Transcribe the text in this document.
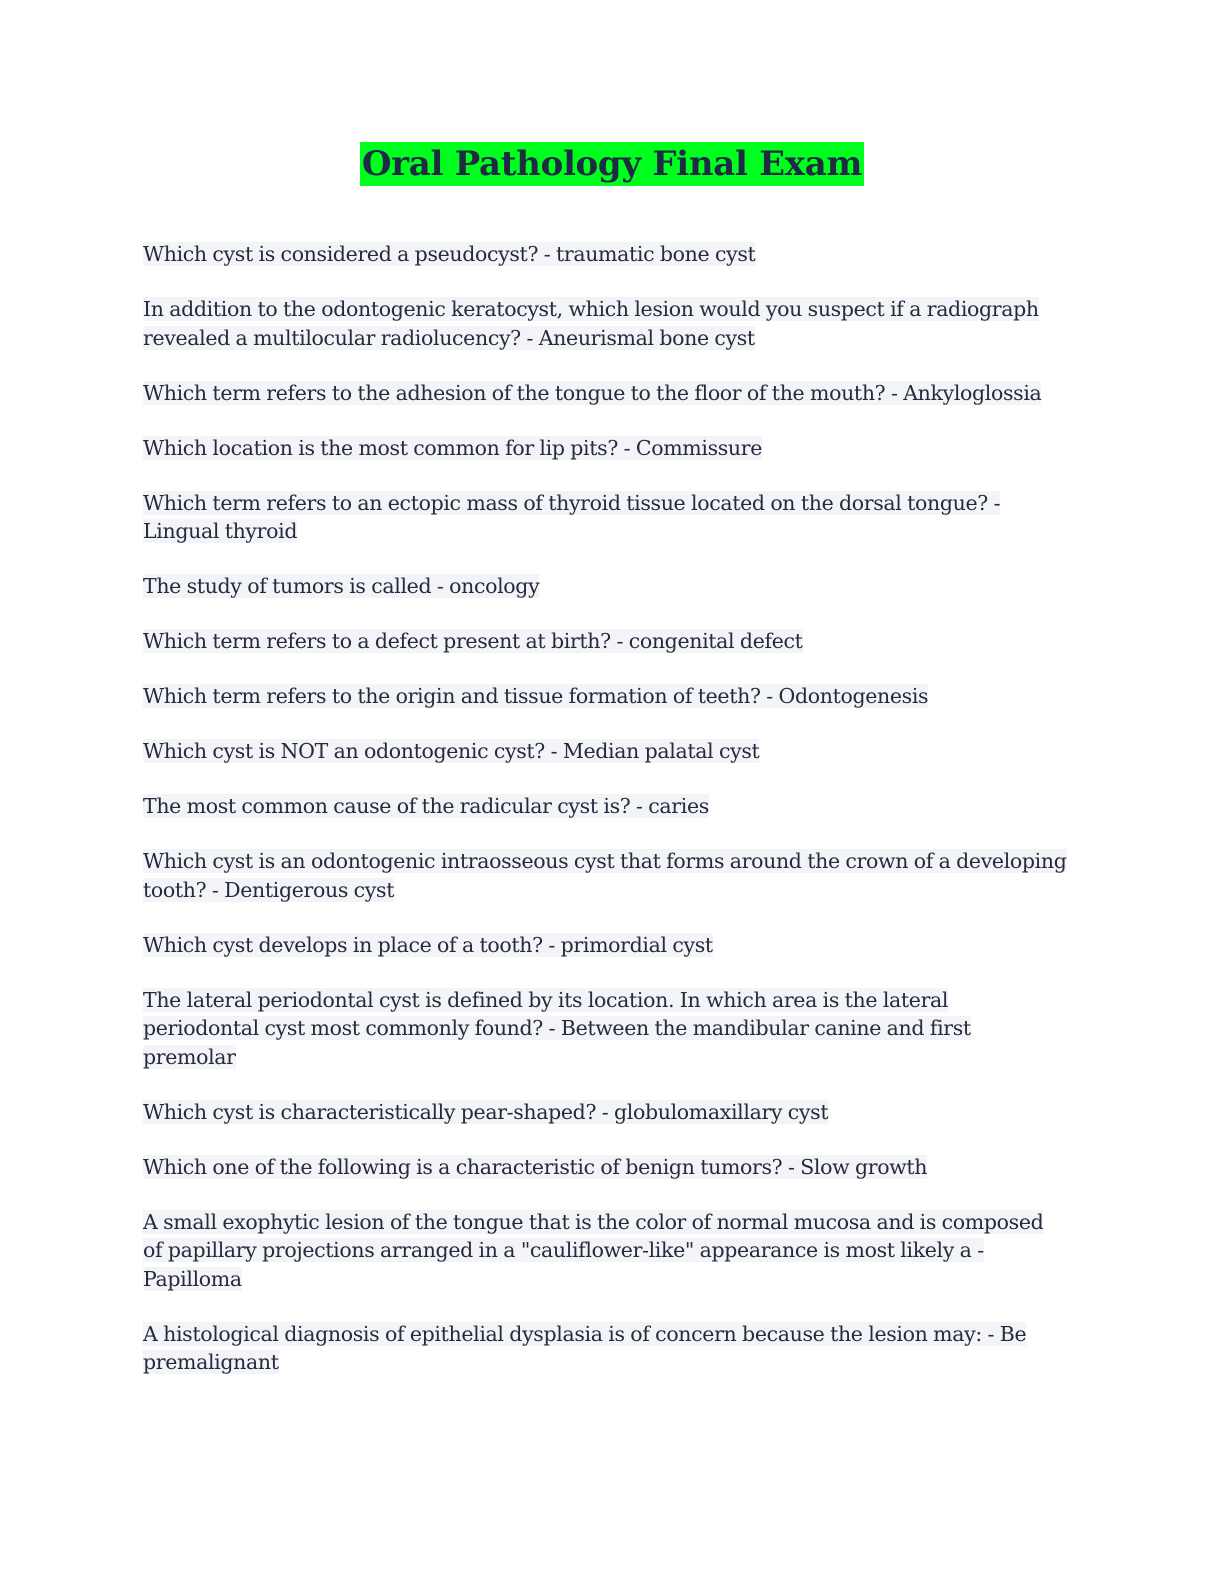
Oral Pathology Final Exam

Which cyst is considered a pseudocyst? - traumatic bone cyst

In addition to the odontogenic keratocyst, which lesion would you suspect if a radiograph revealed a multilocular radiolucency? - Aneurismal bone cyst

Which term refers to the adhesion of the tongue to the floor of the mouth? - Ankyloglossia

Which location is the most common for lip pits? - Commissure

Which term refers to an ectopic mass of thyroid tissue located on the dorsal tongue? - Lingual thyroid

The study of tumors is called - oncology

Which term refers to a defect present at birth? - congenital defect

Which term refers to the origin and tissue formation of teeth? - Odontogenesis

Which cyst is NOT an odontogenic cyst? - Median palatal cyst

The most common cause of the radicular cyst is? - caries

Which cyst is an odontogenic intraosseous cyst that forms around the crown of a developing tooth? - Dentigerous cyst

Which cyst develops in place of a tooth? - primordial cyst

The lateral periodontal cyst is defined by its location. In which area is the lateral periodontal cyst most commonly found? - Between the mandibular canine and first premolar

Which cyst is characteristically pear-shaped? - globulomaxillary cyst

Which one of the following is a characteristic of benign tumors? - Slow growth

A small exophytic lesion of the tongue that is the color of normal mucosa and is composed of papillary projections arranged in a "cauliflower-like" appearance is most likely a - Papilloma

A histological diagnosis of epithelial dysplasia is of concern because the lesion may: - Be premalignant
